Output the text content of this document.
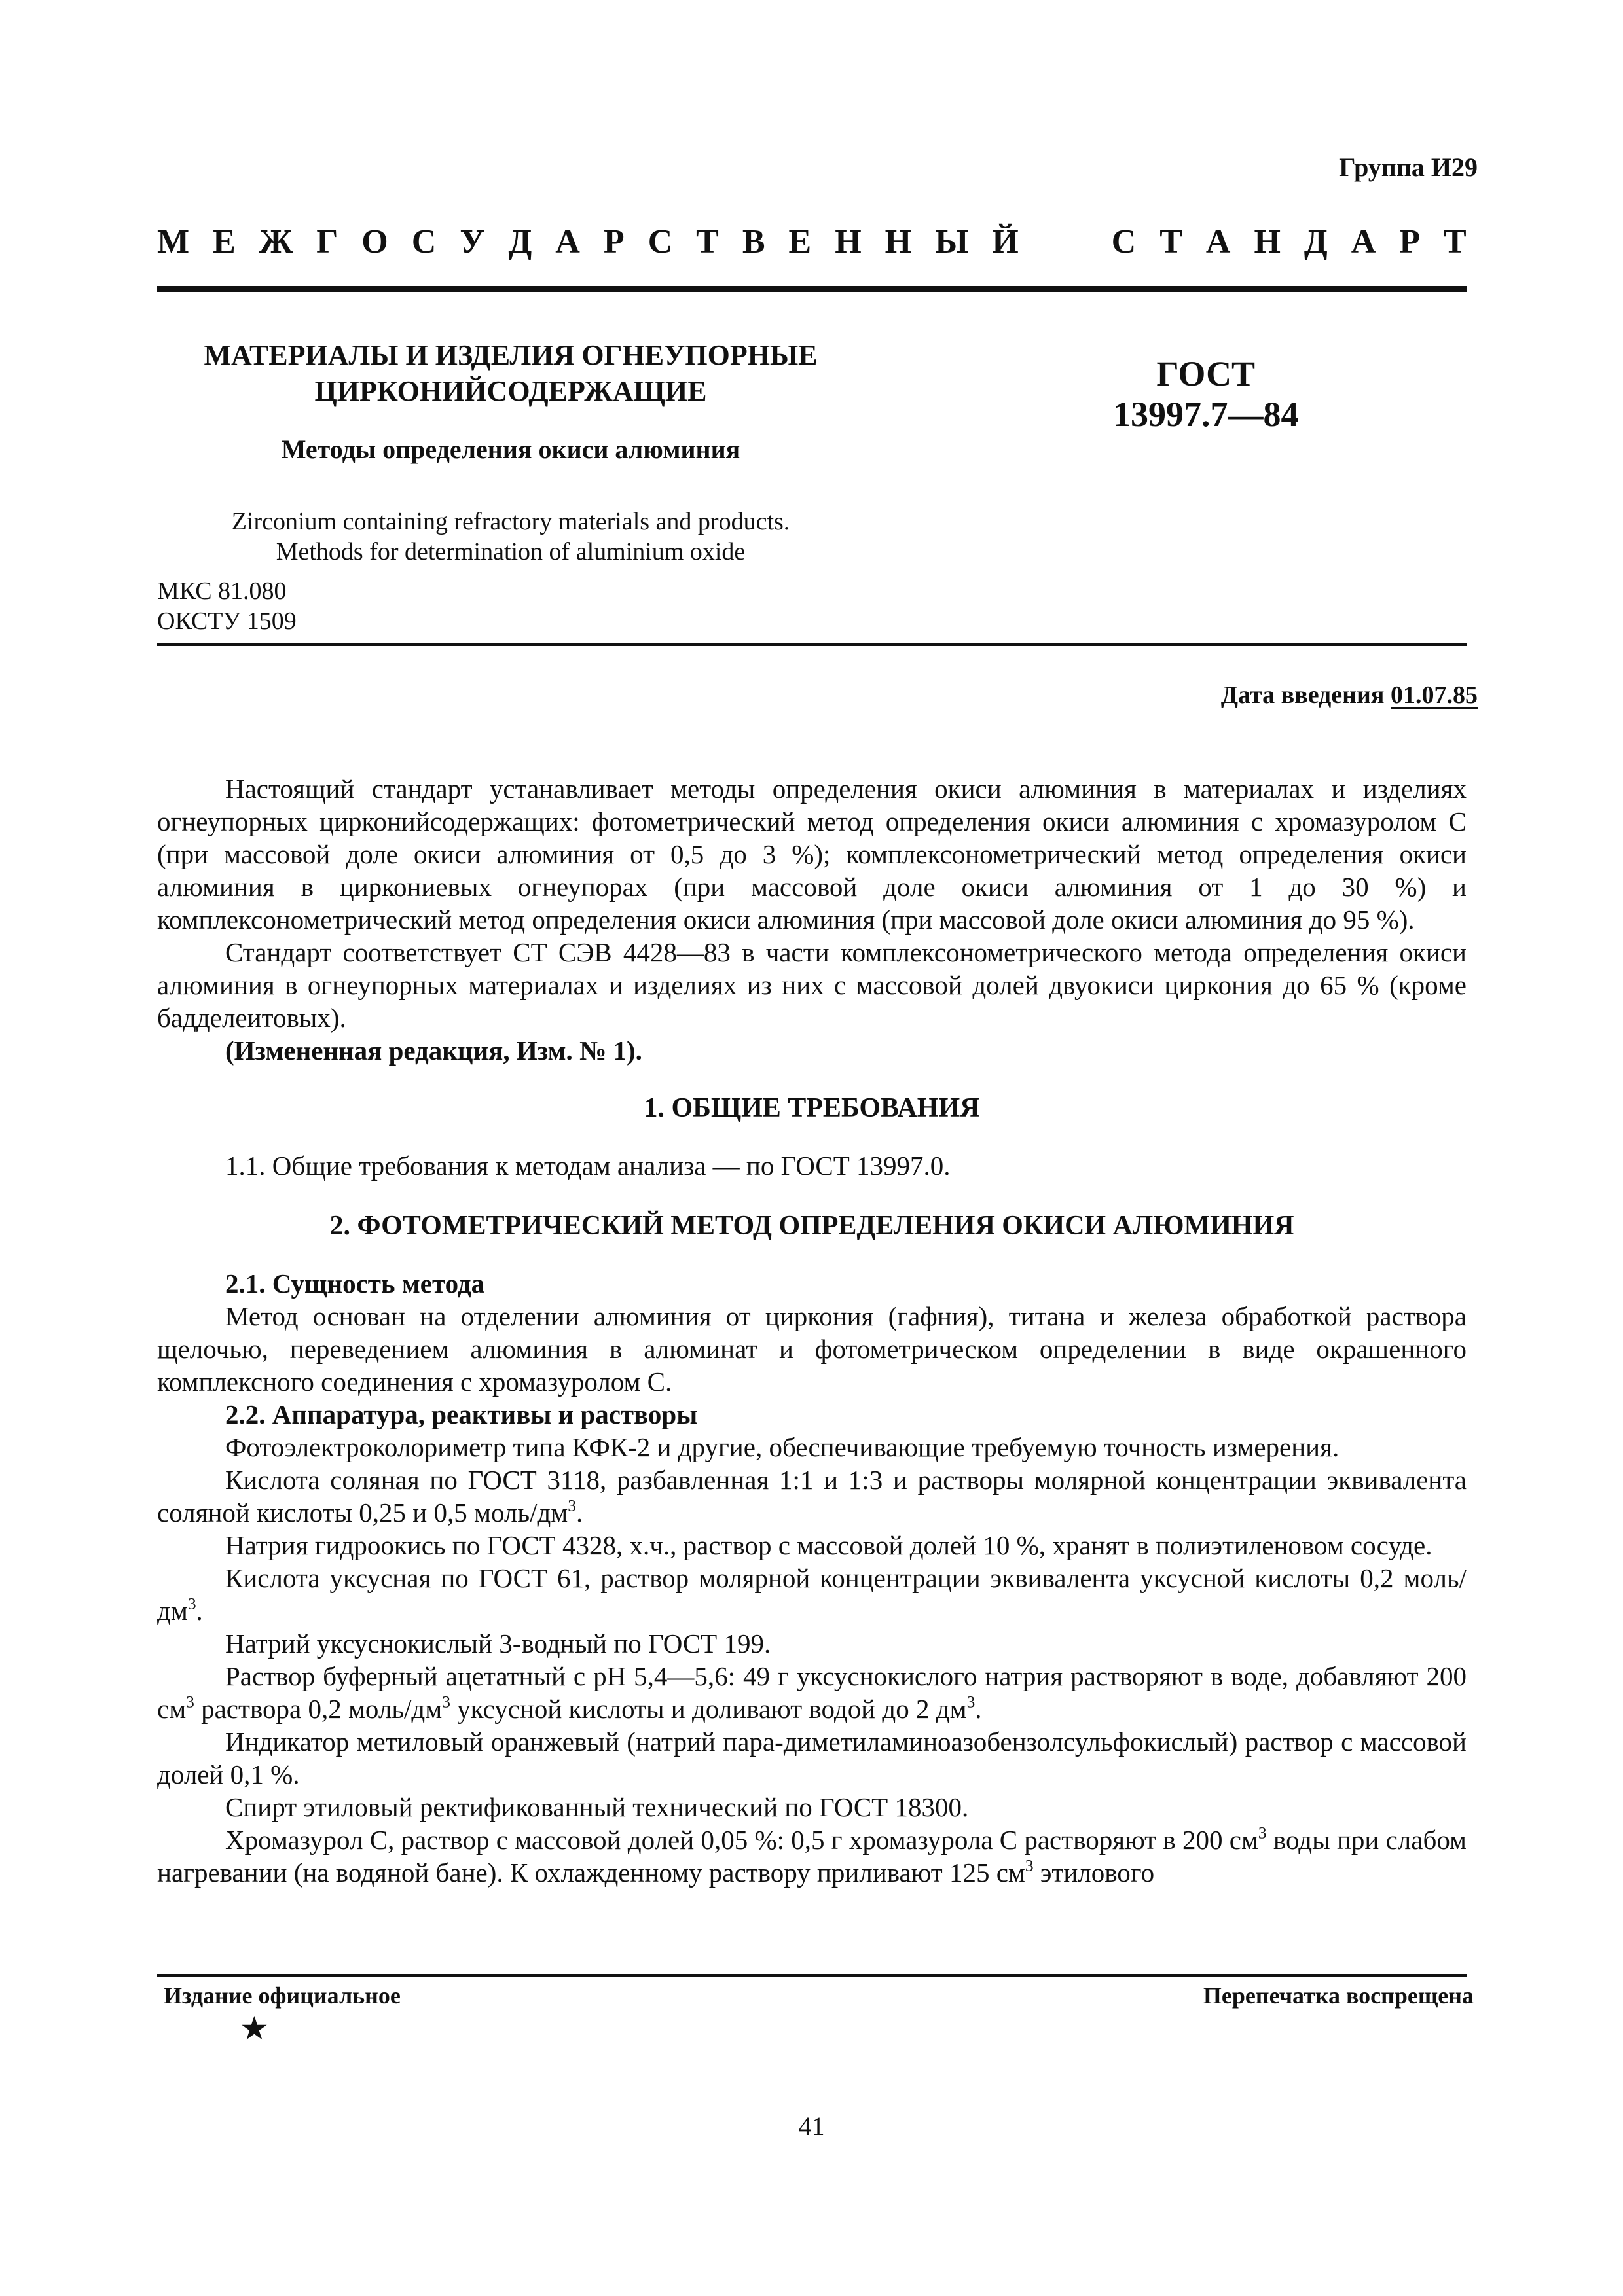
Группа И29
М Е Ж Г О С У Д А Р С Т В Е Н Н Ы Й	С Т А Н Д А Р Т
МАТЕРИАЛЫ И ИЗДЕЛИЯ ОГНЕУПОРНЫЕ
ЦИРКОНИЙСОДЕРЖАЩИЕ
Методы определения окиси алюминия
Zirconium containing refractory materials and products.
Methods for determination of aluminium oxide
ГОСТ
13997.7—84
МКС 81.080
ОКСТУ 1509
Дата введения 01.07.85

Настоящий стандарт устанавливает методы определения окиси алюминия в материалах и изделиях огнеупорных цирконийсодержащих: фотометрический метод определения окиси алюминия с хромазуролом С (при массовой доле окиси алюминия от 0,5 до 3 %); комплексонометрический метод определения окиси алюминия в циркониевых огнеупорах (при массовой доле окиси алюминия от 1 до 30 %) и комплексонометрический метод определения окиси алюминия (при массовой доле окиси алюминия до 95 %).

Стандарт соответствует СТ СЭВ 4428—83 в части комплексонометрического метода определения окиси алюминия в огнеупорных материалах и изделиях из них с массовой долей двуокиси циркония до 65 % (кроме бадделеитовых).

(Измененная редакция, Изм. № 1).

1. ОБЩИЕ ТРЕБОВАНИЯ

1.1. Общие требования к методам анализа — по ГОСТ 13997.0.

2. ФОТОМЕТРИЧЕСКИЙ МЕТОД ОПРЕДЕЛЕНИЯ ОКИСИ АЛЮМИНИЯ

2.1. Сущность метода

Метод основан на отделении алюминия от циркония (гафния), титана и железа обработкой раствора щелочью, переведением алюминия в алюминат и фотометрическом определении в виде окрашенного комплексного соединения с хромазуролом С.

2.2. Аппаратура, реактивы и растворы

Фотоэлектроколориметр типа КФК-2 и другие, обеспечивающие требуемую точность измерения.

Кислота соляная по ГОСТ 3118, разбавленная 1:1 и 1:3 и растворы молярной концентрации эквивалента соляной кислоты 0,25 и 0,5 моль/$дм^3$.

Натрия гидроокись по ГОСТ 4328, х.ч., раствор с массовой долей 10 %, хранят в полиэтиленовом сосуде.

Кислота уксусная по ГОСТ 61, раствор молярной концентрации эквивалента уксусной кислоты 0,2 моль/$дм^3$.

Натрий уксуснокислый 3-водный по ГОСТ 199.

Раствор буферный ацетатный с рН 5,4—5,6: 49 г уксуснокислого натрия растворяют в воде, добавляют 200 $см^3$ раствора 0,2 моль/$дм^3$ уксусной кислоты и доливают водой до 2 $дм^3$.

Индикатор метиловый оранжевый (натрий пара-диметиламиноазобензолсульфокислый) раствор с массовой долей 0,1 %.

Спирт этиловый ректификованный технический по ГОСТ 18300.

Хромазурол С, раствор с массовой долей 0,05 %: 0,5 г хромазурола С растворяют в 200 $см^3$ воды при слабом нагревании (на водяной бане). К охлажденному раствору приливают 125 $см^3$ этилового

Издание официальное
★
Перепечатка воспрещена
41
